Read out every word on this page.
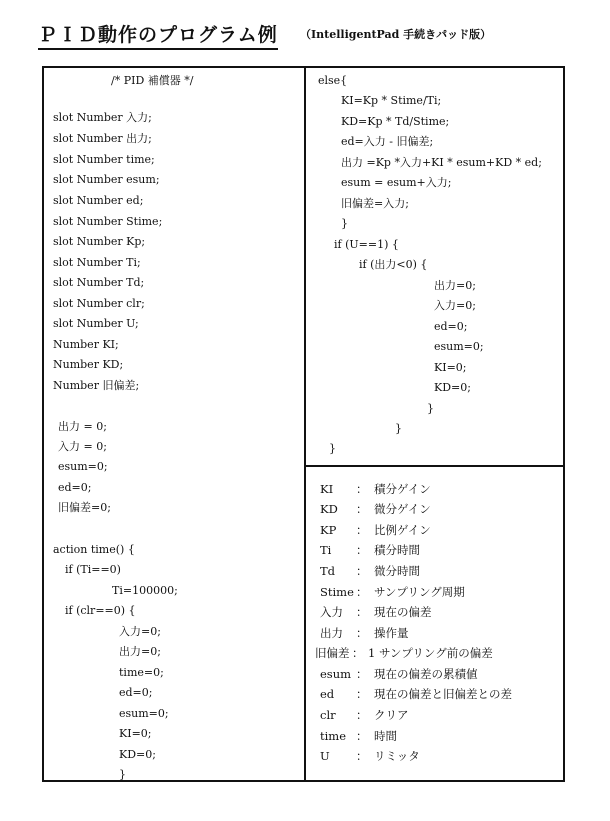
ＰＩＤ動作のプログラム例 （IntelligentPad 手続きパッド版）
/* PID 補償器 */
slot Number 入力;
slot Number 出力;
slot Number time;
slot Number esum;
slot Number ed;
slot Number Stime;
slot Number Kp;
slot Number Ti;
slot Number Td;
slot Number clr;
slot Number U;
Number KI;
Number KD;
Number 旧偏差;
出力 = 0;
入力 = 0;
esum=0;
ed=0;
旧偏差=0;
action time() {
if (Ti==0)
Ti=100000;
if (clr==0) {
入力=0;
出力=0;
time=0;
ed=0;
esum=0;
KI=0;
KD=0;
}
else{
KI=Kp * Stime/Ti;
KD=Kp * Td/Stime;
ed=入力 - 旧偏差;
出力 =Kp *入力+KI * esum+KD * ed;
esum = esum+入力;
旧偏差=入力;
}
if (U==1) {
if (出力<0) {
出力=0;
入力=0;
ed=0;
esum=0;
KI=0;
KD=0;
}
}
}
KI ： 積分ゲイン
KD ： 微分ゲイン
KP ： 比例ゲイン
Ti ： 積分時間
Td ： 微分時間
Stime ： サンプリング周期
入力 ： 現在の偏差
出力 ： 操作量
旧偏差 ： 1 サンプリング前の偏差
esum ： 現在の偏差の累積値
ed ： 現在の偏差と旧偏差との差
clr ： クリア
time ： 時間
U ： リミッタ
